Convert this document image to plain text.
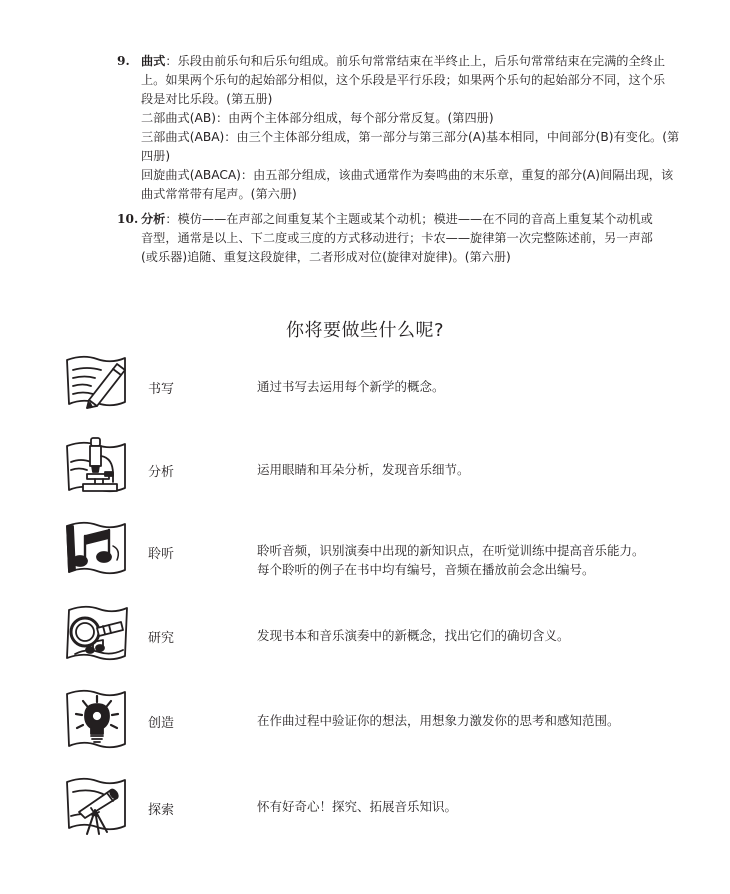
9. 曲式：乐段由前乐句和后乐句组成。前乐句常常结束在半终止上，后乐句常常结束在完满的全终止
上。如果两个乐句的起始部分相似，这个乐段是平行乐段；如果两个乐句的起始部分不同，这个乐
段是对比乐段。(第五册)
二部曲式(AB)：由两个主体部分组成，每个部分常反复。(第四册)
三部曲式(ABA)：由三个主体部分组成，第一部分与第三部分(A)基本相同，中间部分(B)有变化。(第
四册)
回旋曲式(ABACA)：由五部分组成，该曲式通常作为奏鸣曲的末乐章，重复的部分(A)间隔出现，该
曲式常常带有尾声。(第六册)
10. 分析：模仿——在声部之间重复某个主题或某个动机；模进——在不同的音高上重复某个动机或
音型，通常是以上、下二度或三度的方式移动进行；卡农——旋律第一次完整陈述前，另一声部
(或乐器)追随、重复这段旋律，二者形成对位(旋律对旋律)。(第六册)
你将要做些什么呢?
书写	通过书写去运用每个新学的概念。
分析	运用眼睛和耳朵分析，发现音乐细节。
聆听	聆听音频，识别演奏中出现的新知识点，在听觉训练中提高音乐能力。
每个聆听的例子在书中均有编号，音频在播放前会念出编号。
研究	发现书本和音乐演奏中的新概念，找出它们的确切含义。
创造	在作曲过程中验证你的想法，用想象力激发你的思考和感知范围。
探索	怀有好奇心！探究、拓展音乐知识。
